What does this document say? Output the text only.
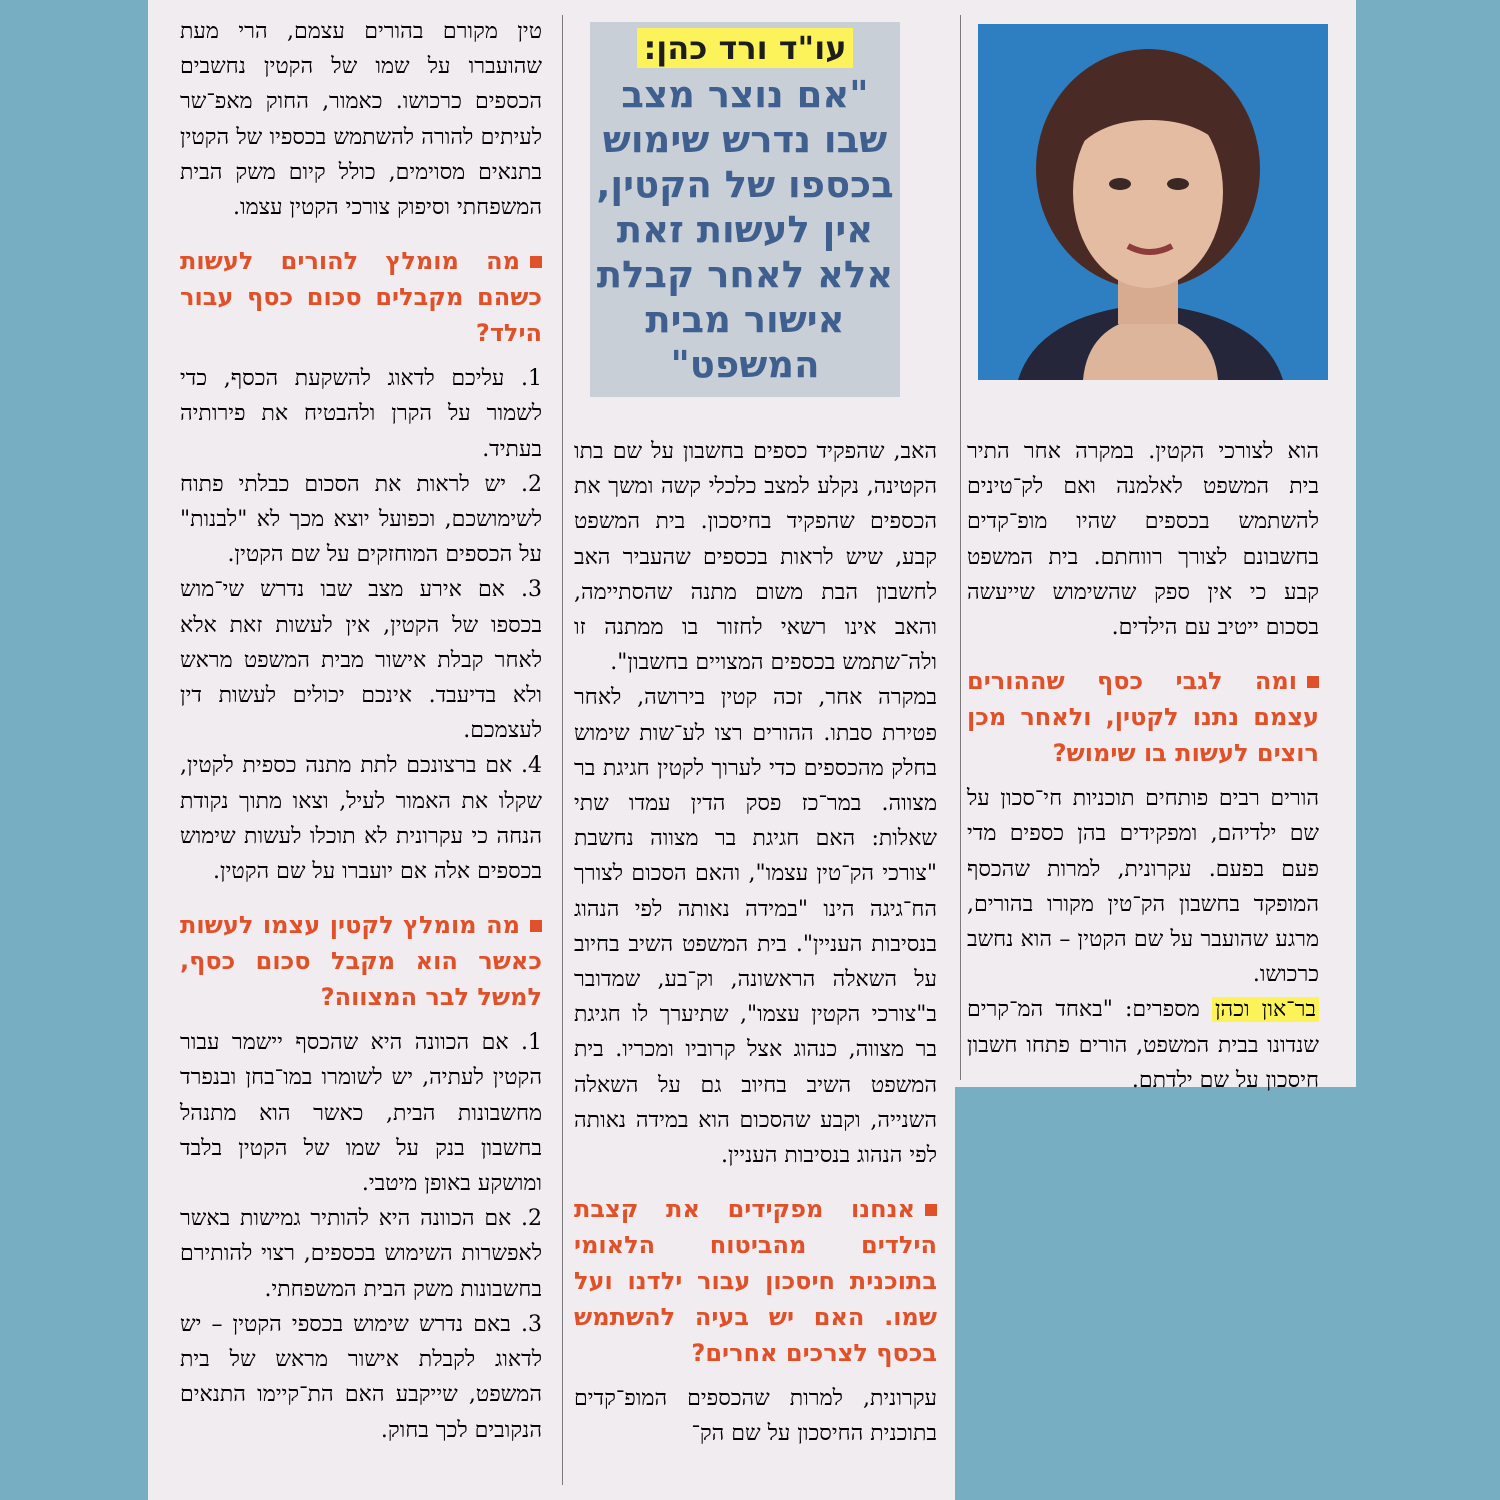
עו"ד ורד כהן:
"אם נוצר מצב שבו נדרש שימוש בכספו של הקטין, אין לעשות זאת אלא לאחר קבלת אישור מבית המשפט"

הוא לצורכי הקטין. במקרה אחר התיר בית המשפט לאלמנה ואם לק־טינים להשתמש בכספים שהיו מופ־קדים בחשבונם לצורך רווחתם. בית המשפט קבע כי אין ספק שהשימוש שייעשה בסכום ייטיב עם הילדים.

ומה לגבי כסף שההורים עצמם נתנו לקטין, ולאחר מכן רוצים לעשות בו שימוש?

הורים רבים פותחים תוכניות חי־סכון על שם ילדיהם, ומפקידים בהן כספים מדי פעם בפעם. עקרונית, למרות שהכסף המופקד בחשבון הק־טין מקורו בהורים, מרגע שהועבר על שם הקטין – הוא נחשב כרכושו.

בר־און וכהן מספרים: "באחד המ־קרים שנדונו בבית המשפט, הורים פתחו חשבון חיסכון על שם ילדתם.

האב, שהפקיד כספים בחשבון על שם בתו הקטינה, נקלע למצב כלכלי קשה ומשך את הכספים שהפקיד בחיסכון. בית המשפט קבע, שיש לראות בכספים שהעביר האב לחשבון הבת משום מתנה שהסתיימה, והאב אינו רשאי לחזור בו ממתנה זו ולה־שתמש בכספים המצויים בחשבון".

במקרה אחר, זכה קטין בירושה, לאחר פטירת סבתו. ההורים רצו לע־שות שימוש בחלק מהכספים כדי לערוך לקטין חגיגת בר מצווה. במר־כז פסק הדין עמדו שתי שאלות: האם חגיגת בר מצווה נחשבת "צורכי הק־טין עצמו", והאם הסכום לצורך הח־גיגה הינו "במידה נאותה לפי הנהוג בנסיבות העניין". בית המשפט השיב בחיוב על השאלה הראשונה, וק־בע, שמדובר ב"צורכי הקטין עצמו", שתיערך לו חגיגת בר מצווה, כנהוג אצל קרוביו ומכריו. בית המשפט השיב בחיוב גם על השאלה השנייה, וקבע שהסכום הוא במידה נאותה לפי הנהוג בנסיבות העניין.

אנחנו מפקידים את קצבת הילדים מהביטוח הלאומי בתוכנית חיסכון עבור ילדנו ועל שמו. האם יש בעיה להשתמש בכסף לצרכים אחרים?

עקרונית, למרות שהכספים המופ־קדים בתוכנית החיסכון על שם הק־

טין מקורם בהורים עצמם, הרי מעת שהועברו על שמו של הקטין נחשבים הכספים כרכושו. כאמור, החוק מאפ־שר לעיתים להורה להשתמש בכספיו של הקטין בתנאים מסוימים, כולל קיום משק הבית המשפחתי וסיפוק צורכי הקטין עצמו.

מה מומלץ להורים לעשות כשהם מקבלים סכום כסף עבור הילד?

1. עליכם לדאוג להשקעת הכסף, כדי לשמור על הקרן ולהבטיח את פירותיה בעתיד.

2. יש לראות את הסכום כבלתי פתוח לשימושכם, וכפועל יוצא מכך לא "לבנות" על הכספים המוחזקים על שם הקטין.

3. אם אירע מצב שבו נדרש שי־מוש בכספו של הקטין, אין לעשות זאת אלא לאחר קבלת אישור מבית המשפט מראש ולא בדיעבד. אינכם יכולים לעשות דין לעצמכם.

4. אם ברצונכם לתת מתנה כספית לקטין, שקלו את האמור לעיל, וצאו מתוך נקודת הנחה כי עקרונית לא תוכלו לעשות שימוש בכספים אלה אם יועברו על שם הקטין.

מה מומלץ לקטין עצמו לעשות כאשר הוא מקבל סכום כסף, למשל לבר המצווה?

1. אם הכוונה היא שהכסף יישמר עבור הקטין לעתיה, יש לשומרו במו־בחן ובנפרד מחשבונות הבית, כאשר הוא מתנהל בחשבון בנק על שמו של הקטין בלבד ומושקע באופן מיטבי.

2. אם הכוונה היא להותיר גמישות באשר לאפשרות השימוש בכספים, רצוי להותירם בחשבונות משק הבית המשפחתי.

3. באם נדרש שימוש בכספי הקטין – יש לדאוג לקבלת אישור מראש של בית המשפט, שייקבע האם הת־קיימו התנאים הנקובים לכך בחוק.
